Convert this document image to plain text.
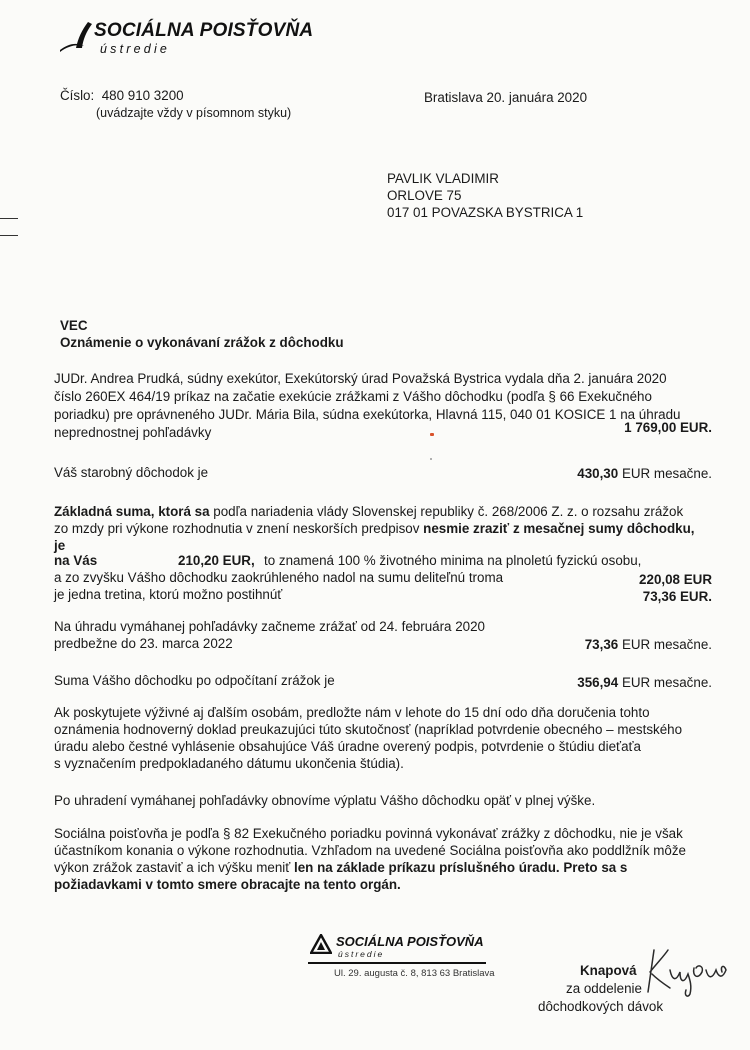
SOCIÁLNA POISŤOVŇA
ústredie
Číslo: 480 910 3200
(uvádzajte vždy v písomnom styku)
Bratislava 20. januára 2020
PAVLIK VLADIMIR
ORLOVE 75
017 01 POVAZSKA BYSTRICA 1
VEC
Oznámenie o vykonávaní zrážok z dôchodku
JUDr. Andrea Prudká, súdny exekútor, Exekútorský úrad Považská Bystrica vydala dňa 2. januára 2020
číslo 260EX 464/19 príkaz na začatie exekúcie zrážkami z Vášho dôchodku (podľa § 66 Exekučného
poriadku) pre oprávneného JUDr. Mária Bila, súdna exekútorka, Hlavná 115, 040 01 KOSICE 1 na úhradu
neprednostnej pohľadávky	1 769,00 EUR.
Váš starobný dôchodok je	430,30 EUR mesačne.
Základná suma, ktorá sa podľa nariadenia vlády Slovenskej republiky č. 268/2006 Z. z. o rozsahu zrážok
zo mzdy pri výkone rozhodnutia v znení neskorších predpisov nesmie zraziť z mesačnej sumy dôchodku,
je
na Vás	210,20 EUR, to znamená 100 % životného minima na plnoletú fyzickú osobu,
a zo zvyšku Vášho dôchodku zaokrúhleného nadol na sumu deliteľnú troma	220,08 EUR
je jedna tretina, ktorú možno postihnúť	73,36 EUR.
Na úhradu vymáhanej pohľadávky začneme zrážať od 24. februára 2020
predbežne do 23. marca 2022	73,36 EUR mesačne.
Suma Vášho dôchodku po odpočítaní zrážok je	356,94 EUR mesačne.
Ak poskytujete výživné aj ďalším osobám, predložte nám v lehote do 15 dní odo dňa doručenia tohto
oznámenia hodnoverný doklad preukazujúci túto skutočnosť (napríklad potvrdenie obecného – mestského
úradu alebo čestné vyhlásenie obsahujúce Váš úradne overený podpis, potvrdenie o štúdiu dieťaťa
s vyznačením predpokladaného dátumu ukončenia štúdia).
Po uhradení vymáhanej pohľadávky obnovíme výplatu Vášho dôchodku opäť v plnej výške.
Sociálna poisťovňa je podľa § 82 Exekučného poriadku povinná vykonávať zrážky z dôchodku, nie je však
účastníkom konania o výkone rozhodnutia. Vzhľadom na uvedené Sociálna poisťovňa ako poddlžník môže
výkon zrážok zastaviť a ich výšku meniť len na základe príkazu príslušného úradu. Preto sa s
požiadavkami v tomto smere obracajte na tento orgán.
SOCIÁLNA POISŤOVŇA
ústredie
Ul. 29. augusta č. 8, 813 63 Bratislava	Knapová
za oddelenie
dôchodkových dávok
